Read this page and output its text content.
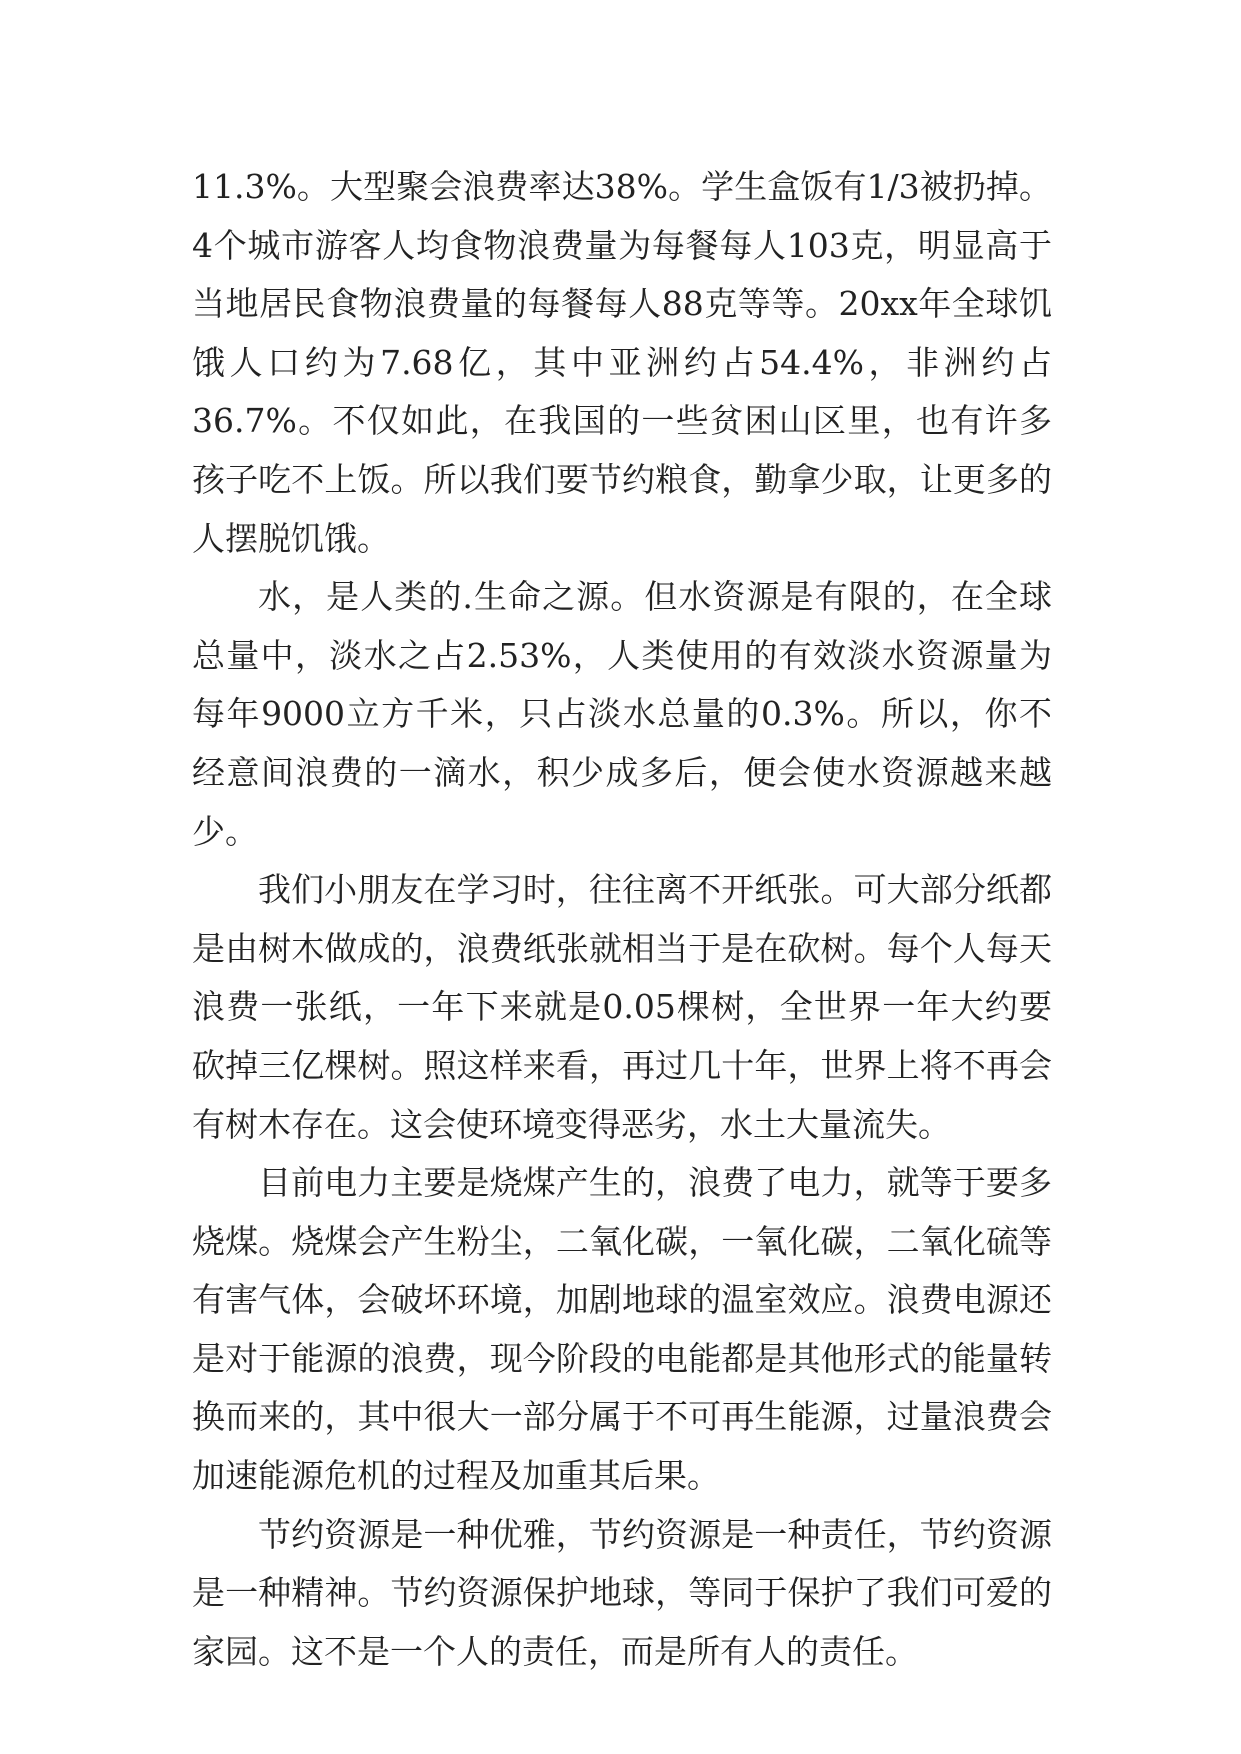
11.3%。大型聚会浪费率达38%。学生盒饭有1/3被扔掉。4个城市游客人均食物浪费量为每餐每人103克，明显高于当地居民食物浪费量的每餐每人88克等等。20xx年全球饥饿人口约为7.68亿，其中亚洲约占54.4%，非洲约占36.7%。不仅如此，在我国的一些贫困山区里，也有许多孩子吃不上饭。所以我们要节约粮食，勤拿少取，让更多的人摆脱饥饿。

水，是人类的.生命之源。但水资源是有限的，在全球总量中，淡水之占2.53%，人类使用的有效淡水资源量为每年9000立方千米，只占淡水总量的0.3%。所以，你不经意间浪费的一滴水，积少成多后，便会使水资源越来越少。

我们小朋友在学习时，往往离不开纸张。可大部分纸都是由树木做成的，浪费纸张就相当于是在砍树。每个人每天浪费一张纸，一年下来就是0.05棵树，全世界一年大约要砍掉三亿棵树。照这样来看，再过几十年，世界上将不再会有树木存在。这会使环境变得恶劣，水土大量流失。

目前电力主要是烧煤产生的，浪费了电力，就等于要多烧煤。烧煤会产生粉尘，二氧化碳，一氧化碳，二氧化硫等有害气体，会破坏环境，加剧地球的温室效应。浪费电源还是对于能源的浪费，现今阶段的电能都是其他形式的能量转换而来的，其中很大一部分属于不可再生能源，过量浪费会加速能源危机的过程及加重其后果。

节约资源是一种优雅，节约资源是一种责任，节约资源是一种精神。节约资源保护地球，等同于保护了我们可爱的家园。这不是一个人的责任，而是所有人的责任。
